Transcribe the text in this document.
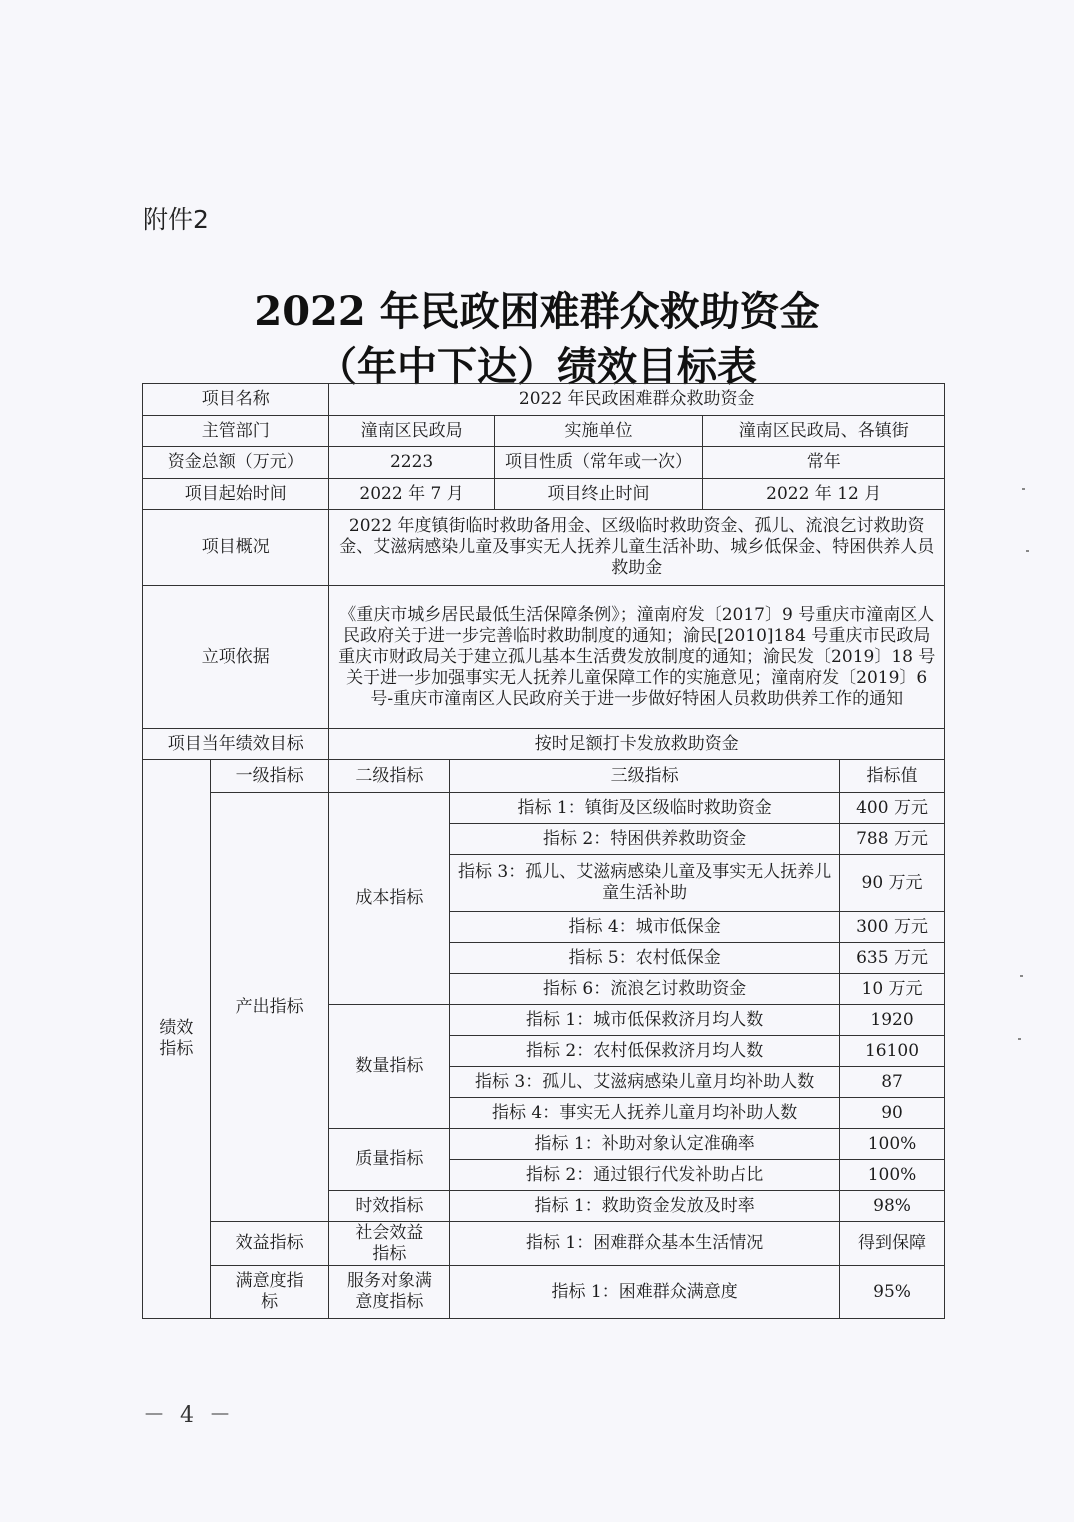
附件2
2022 年民政困难群众救助资金
（年中下达）绩效目标表
项目名称		2022 年民政困难群众救助资金				
主管部门		潼南区民政局		实施单位	潼南区民政局、各镇街	
资金总额（万元）		2223		项目性质（常年或一次）	常年	
项目起始时间		2022 年 7 月		项目终止时间	2022 年 12 月	
项目概况		2022 年度镇街临时救助备用金、区级临时救助资金、孤儿、流浪乞讨救助资金、艾滋病感染儿童及事实无人抚养儿童生活补助、城乡低保金、特困供养人员救助金				
立项依据		《重庆市城乡居民最低生活保障条例》；潼南府发〔2017〕9 号重庆市潼南区人民政府关于进一步完善临时救助制度的通知；渝民[2010]184 号重庆市民政局重庆市财政局关于建立孤儿基本生活费发放制度的通知；渝民发〔2019〕18 号关于进一步加强事实无人抚养儿童保障工作的实施意见；潼南府发〔2019〕6 号-重庆市潼南区人民政府关于进一步做好特困人员救助供养工作的通知				
项目当年绩效目标		按时足额打卡发放救助资金				
绩效指标	一级指标	二级指标	三级指标			指标值
	产出指标	成本指标	指标 1：镇街及区级临时救助资金			400 万元
			指标 2：特困供养救助资金			788 万元
			指标 3：孤儿、艾滋病感染儿童及事实无人抚养儿童生活补助			90 万元
			指标 4：城市低保金			300 万元
			指标 5：农村低保金			635 万元
			指标 6：流浪乞讨救助资金			10 万元
		数量指标	指标 1：城市低保救济月均人数			1920
			指标 2：农村低保救济月均人数			16100
			指标 3：孤儿、艾滋病感染儿童月均补助人数			87
			指标 4：事实无人抚养儿童月均补助人数			90
		质量指标	指标 1：补助对象认定准确率			100%
			指标 2：通过银行代发补助占比			100%
		时效指标	指标 1：救助资金发放及时率			98%
	效益指标	社会效益指标	指标 1：困难群众基本生活情况			得到保障
	满意度指标	服务对象满意度指标	指标 1：困难群众满意度			95%
－ 4 －
